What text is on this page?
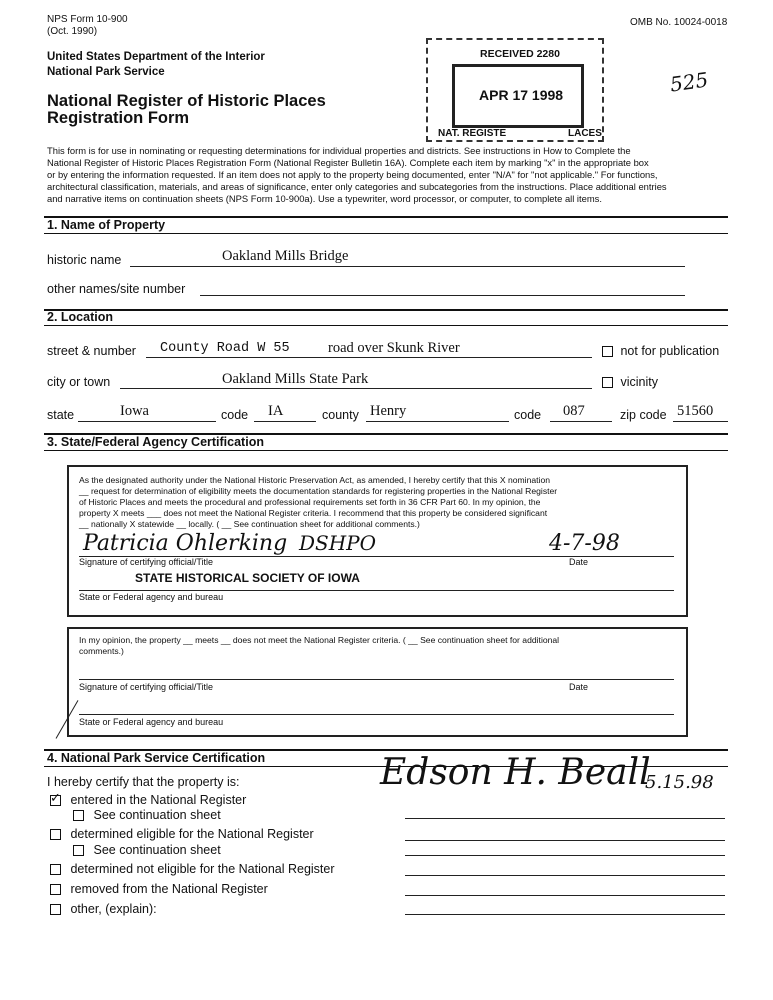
NPS Form 10-900
(Oct. 1990)
OMB No. 10024-0018
United States Department of the Interior
National Park Service
National Register of Historic Places
Registration Form
525
RECEIVED 2280
APR 17 1998
NAT. REGISTE	LACES
This form is for use in nominating or requesting determinations for individual properties and districts. See instructions in How to Complete the
National Register of Historic Places Registration Form (National Register Bulletin 16A). Complete each item by marking "x" in the appropriate box
or by entering the information requested. If an item does not apply to the property being documented, enter "N/A" for "not applicable." For functions,
architectural classification, materials, and areas of significance, enter only categories and subcategories from the instructions. Place additional entries
and narrative items on continuation sheets (NPS Form 10-900a). Use a typewriter, word processor, or computer, to complete all items.
1. Name of Property
historic name	Oakland Mills Bridge
other names/site number
2. Location
street & number County Road W 55	road over Skunk River	not for publication
city or town	Oakland Mills State Park	vicinity
state	Iowa	code IA	county Henry	code 087	zip code 51560
3. State/Federal Agency Certification
As the designated authority under the National Historic Preservation Act, as amended, I hereby certify that this X nomination
__ request for determination of eligibility meets the documentation standards for registering properties in the National Register
of Historic Places and meets the procedural and professional requirements set forth in 36 CFR Part 60. In my opinion, the
property X meets ___ does not meet the National Register criteria. I recommend that this property be considered significant
__ nationally X statewide __ locally. ( __ See continuation sheet for additional comments.)
Patricia Ohlerking DSHPO	4-7-98
Signature of certifying official/Title	Date
STATE HISTORICAL SOCIETY OF IOWA
State or Federal agency and bureau
In my opinion, the property __ meets __ does not meet the National Register criteria. ( __ See continuation sheet for additional
comments.)
Signature of certifying official/Title	Date
State or Federal agency and bureau
4. National Park Service Certification
I hereby certify that the property is:	Edson H. Beall
5.15.98
✓ entered in the National Register
See continuation sheet
determined eligible for the National Register
See continuation sheet
determined not eligible for the National Register
removed from the National Register
other, (explain):
